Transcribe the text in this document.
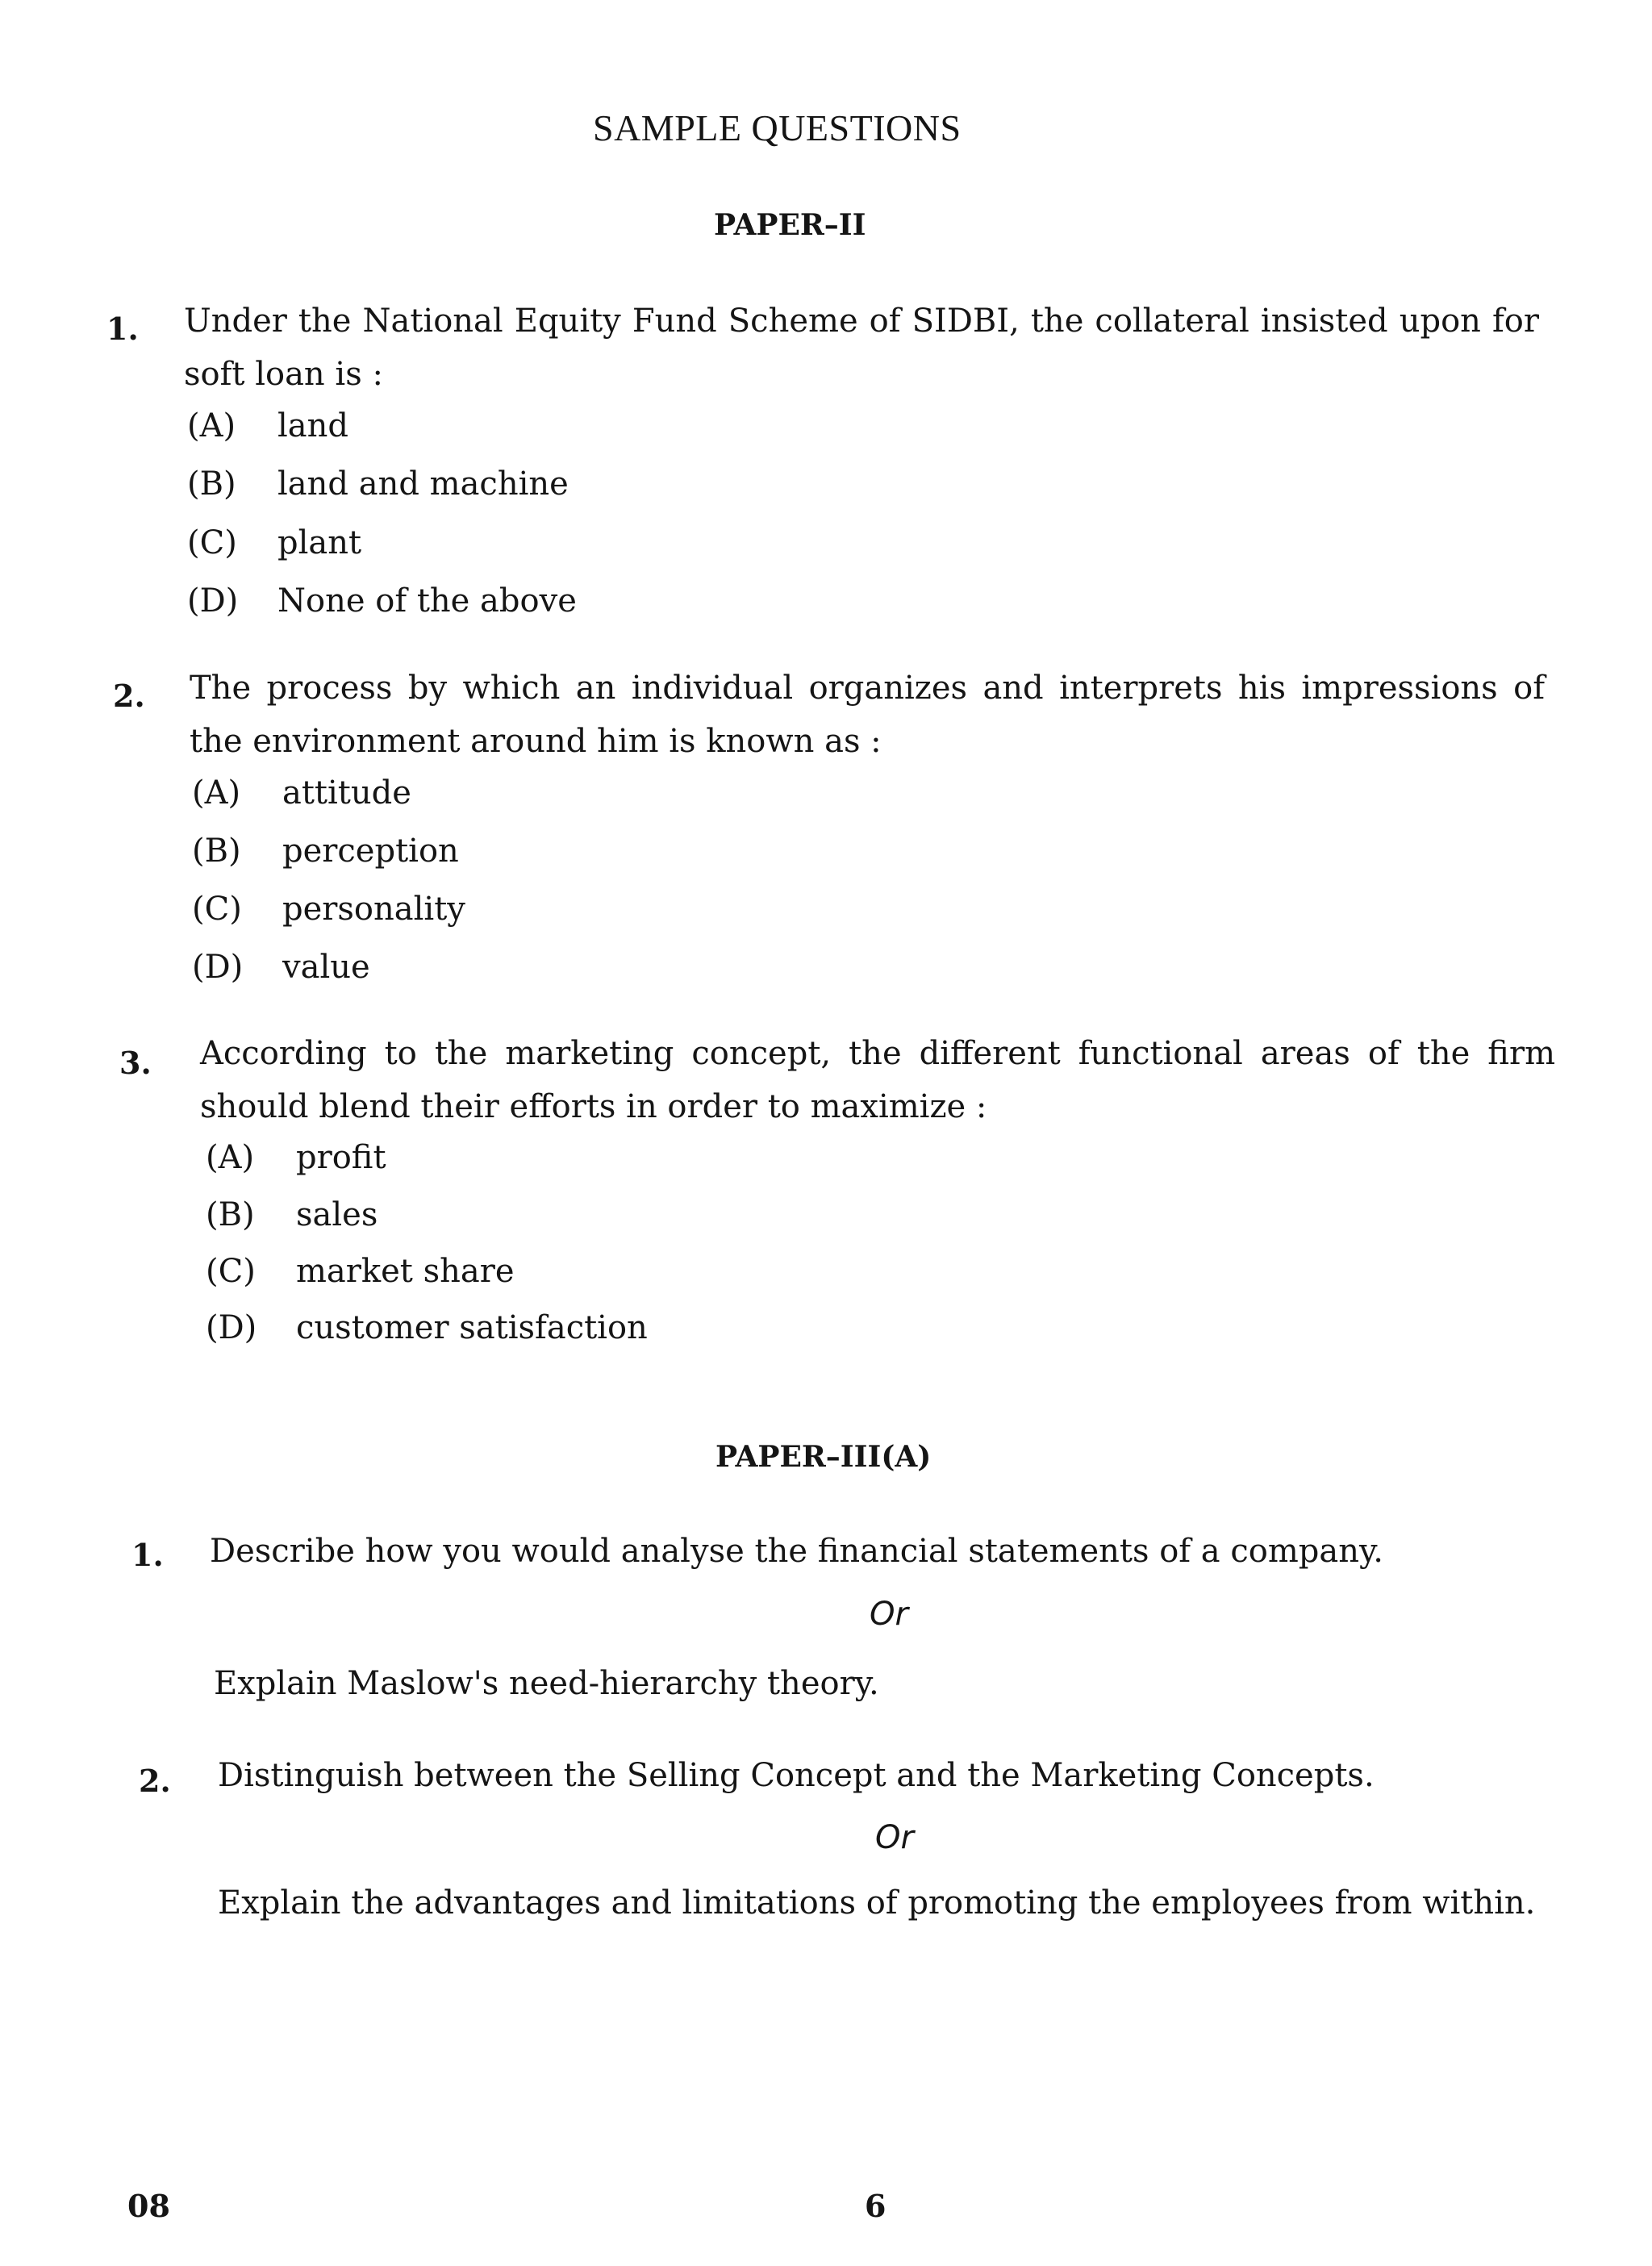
SAMPLE QUESTIONS
PAPER–II
1. Under the National Equity Fund Scheme of SIDBI, the collateral insisted upon for soft loan is :
(A) land
(B) land and machine
(C) plant
(D) None of the above
2. The process by which an individual organizes and interprets his impressions of the environment around him is known as :
(A) attitude
(B) perception
(C) personality
(D) value
3. According to the marketing concept, the different functional areas of the firm should blend their efforts in order to maximize :
(A) profit
(B) sales
(C) market share
(D) customer satisfaction
PAPER–III(A)
1. Describe how you would analyse the financial statements of a company.
Or
Explain Maslow's need-hierarchy theory.
2. Distinguish between the Selling Concept and the Marketing Concepts.
Or
Explain the advantages and limitations of promoting the employees from within.
08	6
